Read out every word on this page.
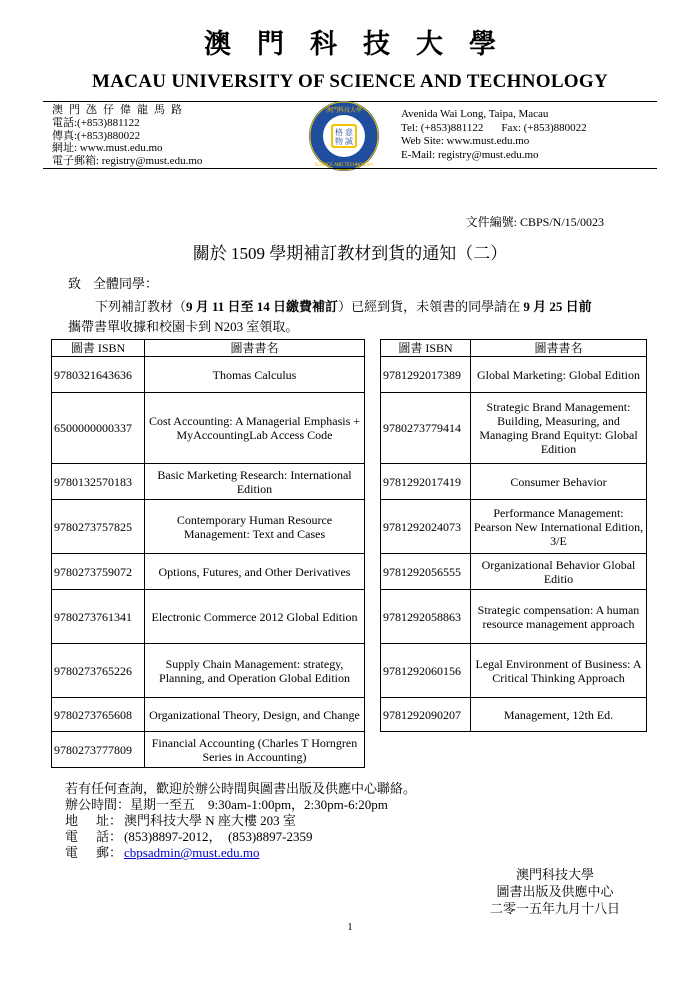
澳門科技大學
MACAU UNIVERSITY OF SCIENCE AND TECHNOLOGY
澳門氹仔偉龍馬路
電話:(+853)881122
傳真:(+853)880022
網址: www.must.edu.mo
電子郵箱: registry@must.edu.mo
格 意
物 誠
澳門科技大學
SCIENCE AND TECHNOLOGY
Avenida Wai Long, Taipa, Macau
Tel: (+853)881122 Fax: (+853)880022
Web Site: www.must.edu.mo
E-Mail: registry@must.edu.mo
文件編號: CBPS/N/15/0023
關於 1509 學期補訂教材到貨的通知（二）
致 全體同學：
下列補訂教材（9 月 11 日至 14 日繳費補訂）已經到貨，未領書的同學請在 9 月 25 日前
攜帶書單收據和校園卡到 N203 室領取。
圖書 ISBN	圖書書名
9780321643636	Thomas Calculus
6500000000337	Cost Accounting: A Managerial Emphasis + MyAccountingLab Access Code
9780132570183	Basic Marketing Research: International Edition
9780273757825	Contemporary Human Resource Management: Text and Cases
9780273759072	Options, Futures, and Other Derivatives
9780273761341	Electronic Commerce 2012 Global Edition
9780273765226	Supply Chain Management: strategy, Planning, and Operation Global Edition
9780273765608	Organizational Theory, Design, and Change
9780273777809	Financial Accounting (Charles T Horngren Series in Accounting)
圖書 ISBN	圖書書名
9781292017389	Global Marketing: Global Edition
9780273779414	Strategic Brand Management: Building, Measuring, and Managing Brand Equityt: Global Edition
9781292017419	Consumer Behavior
9781292024073	Performance Management: Pearson New International Edition, 3/E
9781292056555	Organizational Behavior Global Editio
9781292058863	Strategic compensation: A human resource management approach
9781292060156	Legal Environment of Business: A Critical Thinking Approach
9781292090207	Management, 12th Ed.
若有任何查詢，歡迎於辦公時間與圖書出版及供應中心聯絡。
辦公時間：星期一至五　9:30am-1:00pm，2:30pm-6:20pm
地址： 澳門科技大學 N 座大樓 203 室
電話： (853)8897-2012，　(853)8897-2359
電郵： cbpsadmin@must.edu.mo
澳門科技大學
圖書出版及供應中心
二零一五年九月十八日
1
